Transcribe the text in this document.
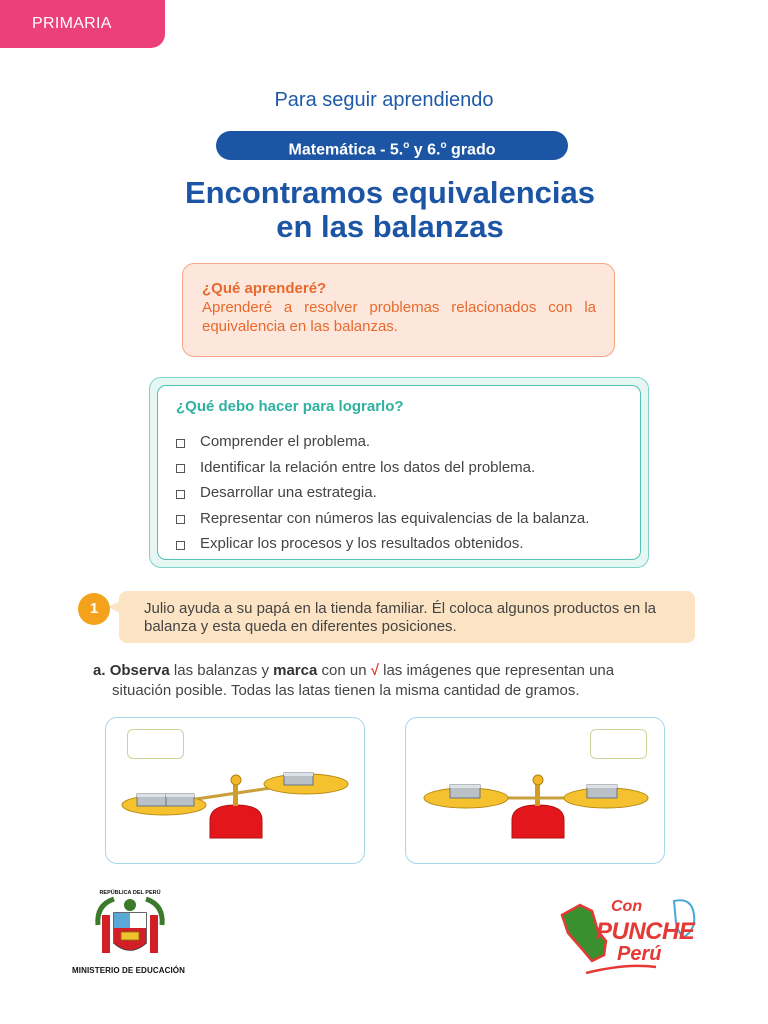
PRIMARIA
Para seguir aprendiendo
Matemática - 5.$^o$ y 6.$^o$ grado
Encontramos equivalencias
en las balanzas
¿Qué aprenderé?
Aprenderé a resolver problemas relacionados con la equivalencia en las balanzas.
¿Qué debo hacer para lograrlo?
Comprender el problema.
Identificar la relación entre los datos del problema.
Desarrollar una estrategia.
Representar con números las equivalencias de la balanza.
Explicar los procesos y los resultados obtenidos.
Julio ayuda a su papá en la tienda familiar. Él coloca algunos productos en la balanza y esta queda en diferentes posiciones.
1
a. Observa las balanzas y marca con un √ las imágenes que representan una
situación posible. Todas las latas tienen la misma cantidad de gramos.
REPÚBLICA DEL PERÚ
MINISTERIO DE EDUCACIÓN
Con
PUNCHE
Perú
